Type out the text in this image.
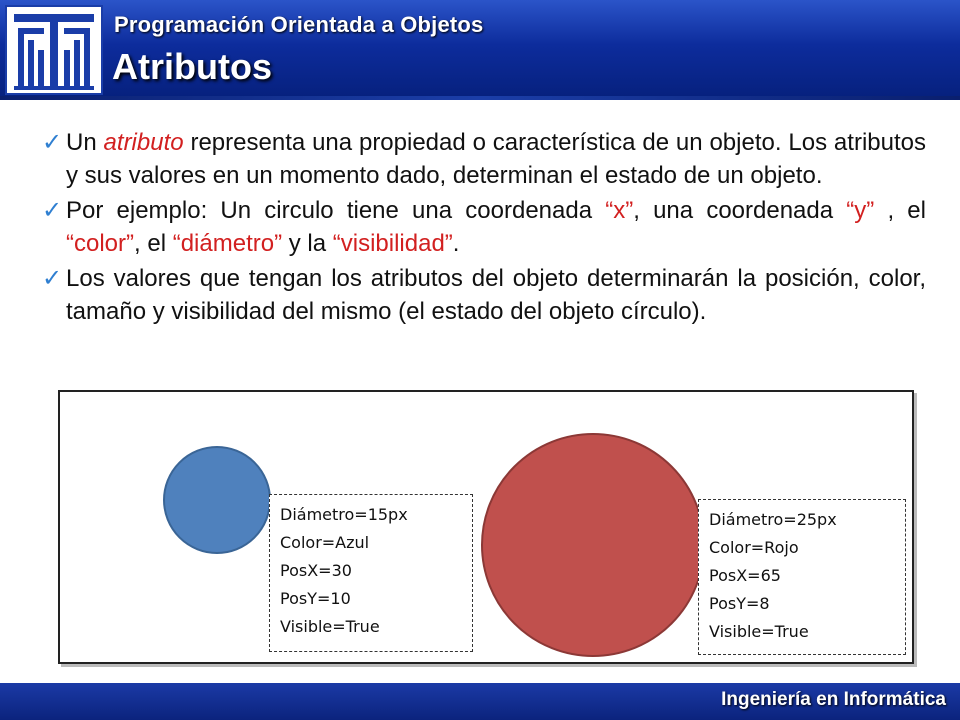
Programación Orientada a Objetos
Atributos
✓ Un atributo representa una propiedad o característica de un objeto. Los atributos y sus valores en un momento dado, determinan el estado de un objeto.
✓ Por ejemplo: Un circulo tiene una coordenada “x”, una coordenada “y” , el “color”, el “diámetro” y la “visibilidad”.
✓ Los valores que tengan los atributos del objeto determinarán la posición, color, tamaño y visibilidad del mismo (el estado del objeto círculo).
Diámetro=15px
Color=Azul
PosX=30
PosY=10
Visible=True
Diámetro=25px
Color=Rojo
PosX=65
PosY=8
Visible=True
Ingeniería en Informática
